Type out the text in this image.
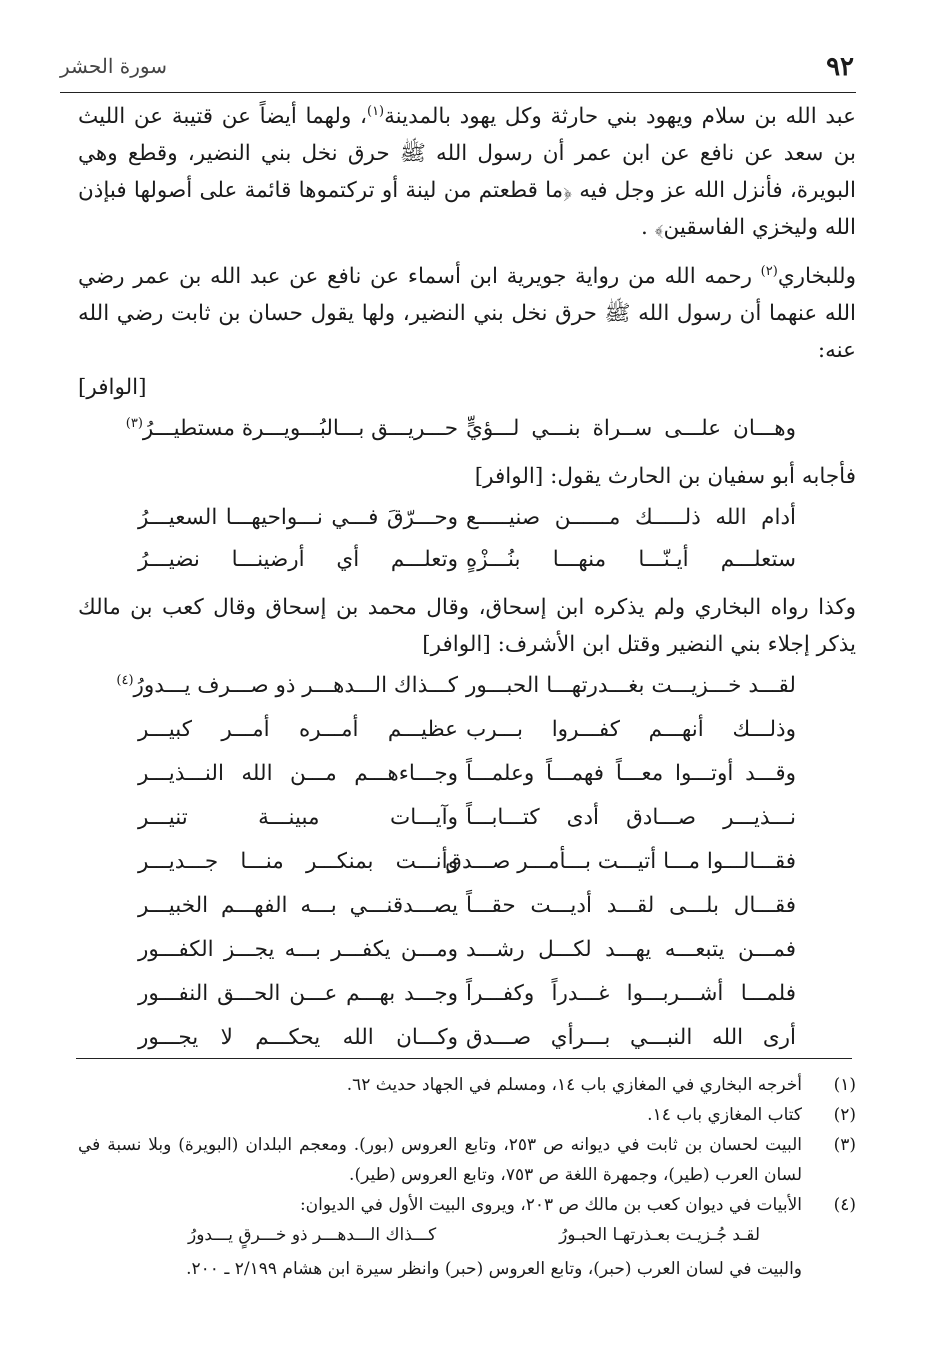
٩٢
سورة الحشر

عبد الله بن سلام ويهود بني حارثة وكل يهود بالمدينة$^{(١)}$، ولهما أيضاً عن قتيبة عن الليث بن سعد عن نافع عن ابن عمر أن رسول الله ﷺ حرق نخل بني النضير، وقطع وهي البويرة، فأنزل الله عز وجل فيه ﴿ما قطعتم من لينة أو تركتموها قائمة على أصولها فبإذن الله وليخزي الفاسقين﴾ .

وللبخاري$^{(٢)}$ رحمه الله من رواية جويرية ابن أسماء عن نافع عن عبد الله بن عمر رضي الله عنهما أن رسول الله ﷺ حرق نخل بني النضير، ولها يقول حسان بن ثابت رضي الله عنه:
[الوافر]

وهـــان علـــى ســراة بنـــي لـــؤيٍّ
حـــريـــق بـــالبُـــويـــرة مستطيـــرُ$^{(٣)}$

فأجابه أبو سفيان بن الحارث يقول: [الوافر]

أدام الله ذلـــــك مــــــن صنيـــــع
وحـــرّقَ فـــي نـــواحيهـــا السعيـــرُ
ستعلـــم أيـنّـــا منهـــا بنُـــزْهٍ
وتعلـــم أي أرضينـــا نضيـــرُ

وكذا رواه البخاري ولم يذكره ابن إسحاق، وقال محمد بن إسحاق وقال كعب بن مالك يذكر إجلاء بني النضير وقتل ابن الأشرف: [الوافر]

لقـــد خـــزيـــت بغـــدرتهـــا الحبـــور
كـــذاك الـــدهـــر ذو صـــرف يـــدورُ$^{(٤)}$
وذلـــك أنهـــم كفـــروا بـــرب
عظيـــم أمـــره أمـــر كبيـــر
وقـــد أوتـــوا معـــاً فهمـــاً وعلمـــاً
وجـــاءهـــم مـــن الله النـــذيـــر
نـــذيـــر صـــادق أدى كتـــابـــاً
وآيـــات مبينـــة تنيـــر
فقـــالـــوا مـــا أتيـــت بـــأمـــر صـــدق
وأنـــت بمنكـــر منـــا جـــديـــر
فقـــال بلـــى لقـــد أديـــت حقـــاً
يصـــدقنـــي بـــه الفهـــم الخبيـــر
فمـــن يتبعـــه يهـــد لكـــل رشـــد
ومـــن يكفـــر بـــه يجـــز الكفـــور
فلمـــا أشـــربـــوا غـــدراً وكفـــراً
وجـــد بهـــم عـــن الحـــق النفـــور
أرى الله النبـــي بـــرأي صـــدق
وكـــان الله يحكـــم لا يجـــور
(١)
أخرجه البخاري في المغازي باب ١٤، ومسلم في الجهاد حديث ٦٢.
(٢)
كتاب المغازي باب ١٤.
(٣)
البيت لحسان بن ثابت في ديوانه ص ٢٥٣، وتابع العروس (بور). ومعجم البلدان (البويرة) وبلا نسبة في لسان العرب (طير)، وجمهرة اللغة ص ٧٥٣، وتابع العروس (طير).
(٤)
الأبيات في ديوان كعب بن مالك ص ٢٠٣، ويروى البيت الأول في الديوان:
لقـد جُـزيـت بعـذرتهـا الحبـورُ
كـــذاك الـــدهـــر ذو خـــرقٍ يـــدورُ
والبيت في لسان العرب (حبر)، وتابع العروس (حبر) وانظر سيرة ابن هشام ٢/١٩٩ ـ ٢٠٠.
